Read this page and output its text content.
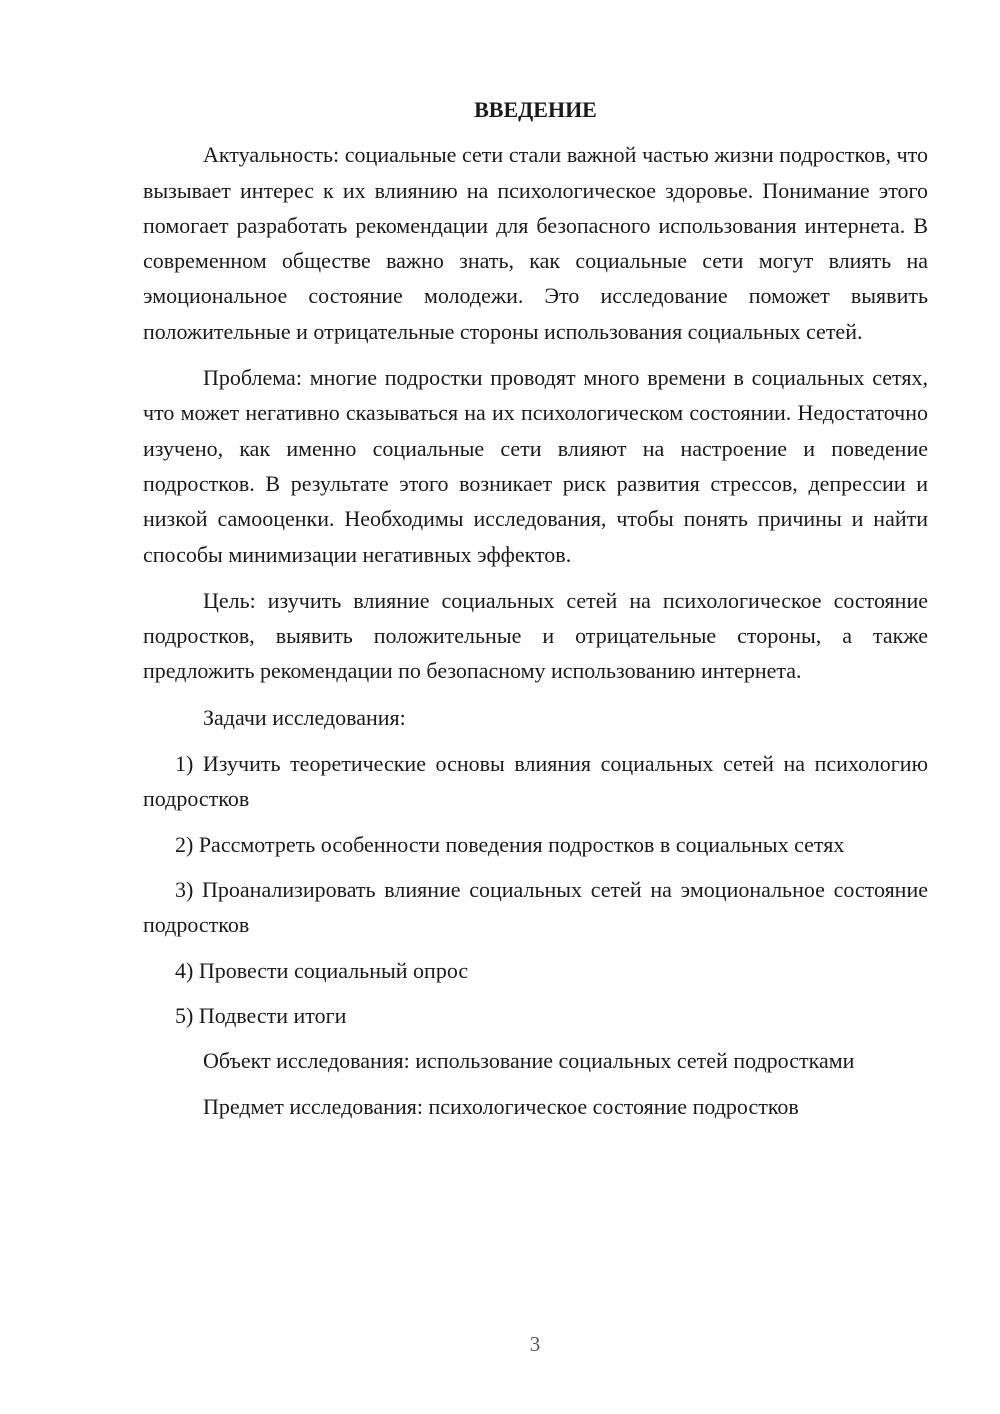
ВВЕДЕНИЕ

Актуальность: социальные сети стали важной частью жизни подростков, что вызывает интерес к их влиянию на психологическое здоровье. Понимание этого помогает разработать рекомендации для безопасного использования интернета. В современном обществе важно знать, как социальные сети могут влиять на эмоциональное состояние молодежи. Это исследование поможет выявить положительные и отрицательные стороны использования социальных сетей.

Проблема: многие подростки проводят много времени в социальных сетях, что может негативно сказываться на их психологическом состоянии. Недостаточно изучено, как именно социальные сети влияют на настроение и поведение подростков. В результате этого возникает риск развития стрессов, депрессии и низкой самооценки. Необходимы исследования, чтобы понять причины и найти способы минимизации негативных эффектов.

Цель: изучить влияние социальных сетей на психологическое состояние подростков, выявить положительные и отрицательные стороны, а также предложить рекомендации по безопасному использованию интернета.

Задачи исследования:

1) Изучить теоретические основы влияния социальных сетей на психологию подростков

2) Рассмотреть особенности поведения подростков в социальных сетях

3) Проанализировать влияние социальных сетей на эмоциональное состояние подростков

4) Провести социальный опрос

5) Подвести итоги

Объект исследования: использование социальных сетей подростками

Предмет исследования: психологическое состояние подростков

3
